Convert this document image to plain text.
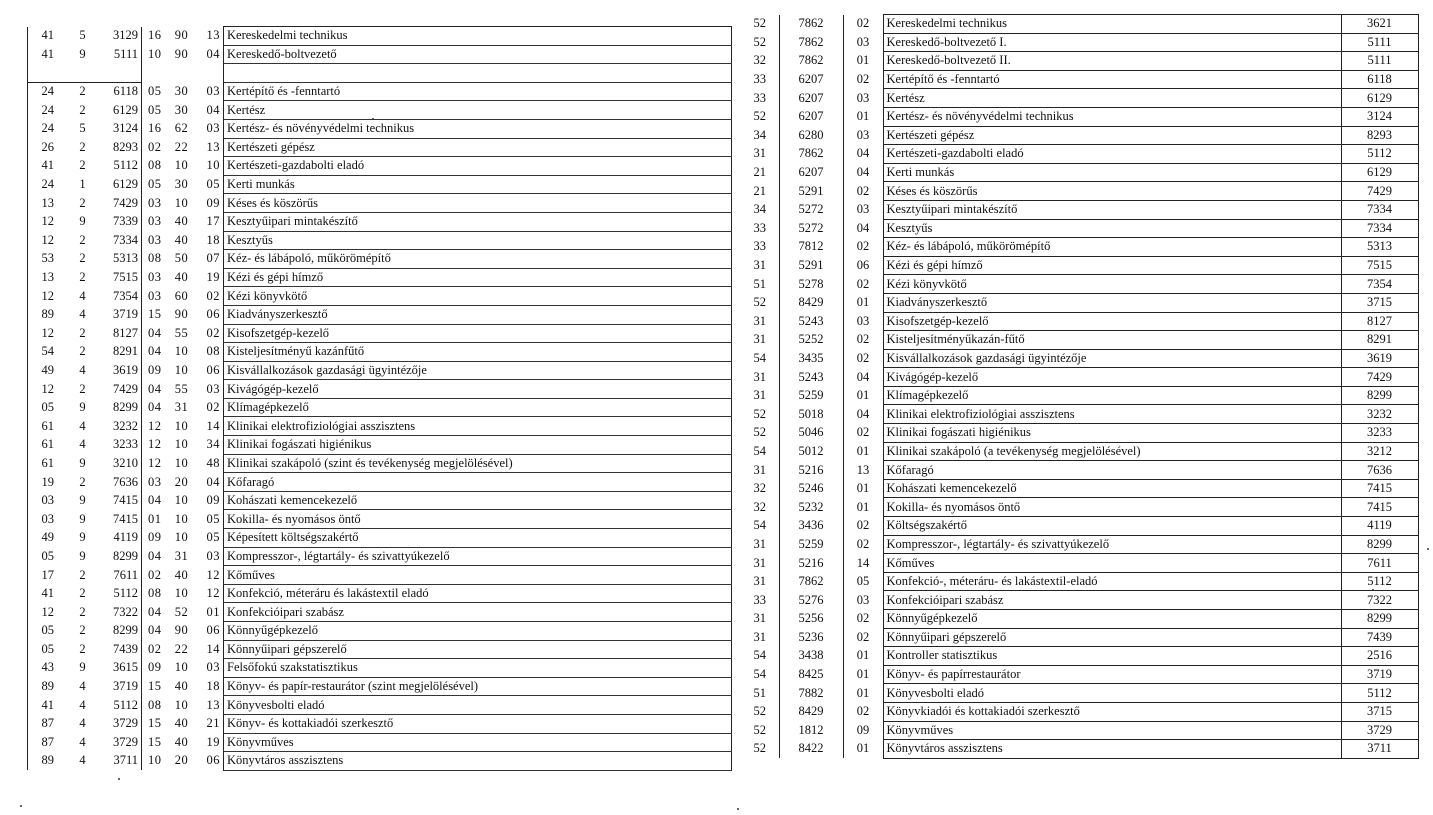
41	5	3129	16	90	13	Kereskedelmi technikus
41	9	5111	10	90	04	Kereskedő-boltvezető

24	2	6118	05	30	03	Kertépítő és -fenntartó
24	2	6129	05	30	04	Kertész
24	5	3124	16	62	03	Kertész- és növényvédelmi technikus
26	2	8293	02	22	13	Kertészeti gépész
41	2	5112	08	10	10	Kertészeti-gazdabolti eladó
24	1	6129	05	30	05	Kerti munkás
13	2	7429	03	10	09	Késes és köszörűs
12	9	7339	03	40	17	Kesztyűipari mintakészítő
12	2	7334	03	40	18	Kesztyűs
53	2	5313	08	50	07	Kéz- és lábápoló, műkörömépítő
13	2	7515	03	40	19	Kézi és gépi hímző
12	4	7354	03	60	02	Kézi könyvkötő
89	4	3719	15	90	06	Kiadványszerkesztő
12	2	8127	04	55	02	Kisofszetgép-kezelő
54	2	8291	04	10	08	Kisteljesítményű kazánfűtő
49	4	3619	09	10	06	Kisvállalkozások gazdasági ügyintézője
12	2	7429	04	55	03	Kivágógép-kezelő
05	9	8299	04	31	02	Klímagépkezelő
61	4	3232	12	10	14	Klinikai elektrofiziológiai asszisztens
61	4	3233	12	10	34	Klinikai fogászati higiénikus
61	9	3210	12	10	48	Klinikai szakápoló (szint és tevékenység megjelölésével)
19	2	7636	03	20	04	Kőfaragó
03	9	7415	04	10	09	Kohászati kemencekezelő
03	9	7415	01	10	05	Kokilla- és nyomásos öntő
49	9	4119	09	10	05	Képesített költségszakértő
05	9	8299	04	31	03	Kompresszor-, légtartály- és szivattyúkezelő
17	2	7611	02	40	12	Kőműves
41	2	5112	08	10	12	Konfekció, méteráru és lakástextil eladó
12	2	7322	04	52	01	Konfekcióipari szabász
05	2	8299	04	90	06	Könnyűgépkezelő
05	2	7439	02	22	14	Könnyűipari gépszerelő
43	9	3615	09	10	03	Felsőfokú szakstatisztikus
89	4	3719	15	40	18	Könyv- és papír-restaurátor (szint megjelölésével)
41	4	5112	08	10	13	Könyvesbolti eladó
87	4	3729	15	40	21	Könyv- és kottakiadói szerkesztő
87	4	3729	15	40	19	Könyvműves
89	4	3711	10	20	06	Könyvtáros asszisztens
52	7862	02	Kereskedelmi technikus	3621
52	7862	03	Kereskedő-boltvezető I.	5111
32	7862	01	Kereskedő-boltvezető II.	5111
33	6207	02	Kertépítő és -fenntartó	6118
33	6207	03	Kertész	6129
52	6207	01	Kertész- és növényvédelmi technikus	3124
34	6280	03	Kertészeti gépész	8293
31	7862	04	Kertészeti-gazdabolti eladó	5112
21	6207	04	Kerti munkás	6129
21	5291	02	Késes és köszörűs	7429
34	5272	03	Kesztyűipari mintakészítő	7334
33	5272	04	Kesztyűs	7334
33	7812	02	Kéz- és lábápoló, műkörömépítő	5313
31	5291	06	Kézi és gépi hímző	7515
51	5278	02	Kézi könyvkötő	7354
52	8429	01	Kiadványszerkesztő	3715
31	5243	03	Kisofszetgép-kezelő	8127
31	5252	02	Kisteljesítményűkazán-fűtő	8291
54	3435	02	Kisvállalkozások gazdasági ügyintézője	3619
31	5243	04	Kivágógép-kezelő	7429
31	5259	01	Klímagépkezelő	8299
52	5018	04	Klinikai elektrofiziológiai asszisztens	3232
52	5046	02	Klinikai fogászati higiénikus	3233
54	5012	01	Klinikai szakápoló (a tevékenység megjelölésével)	3212
31	5216	13	Kőfaragó	7636
32	5246	01	Kohászati kemencekezelő	7415
32	5232	01	Kokilla- és nyomásos öntő	7415
54	3436	02	Költségszakértő	4119
31	5259	02	Kompresszor-, légtartály- és szivattyúkezelő	8299
31	5216	14	Kőműves	7611
31	7862	05	Konfekció-, méteráru- és lakástextil-eladó	5112
33	5276	03	Konfekcióipari szabász	7322
31	5256	02	Könnyűgépkezelő	8299
31	5236	02	Könnyűipari gépszerelő	7439
54	3438	01	Kontroller statisztikus	2516
54	8425	01	Könyv- és papírrestaurátor	3719
51	7882	01	Könyvesbolti eladó	5112
52	8429	02	Könyvkiadói és kottakiadói szerkesztő	3715
52	1812	09	Könyvműves	3729
52	8422	01	Könyvtáros asszisztens	3711
